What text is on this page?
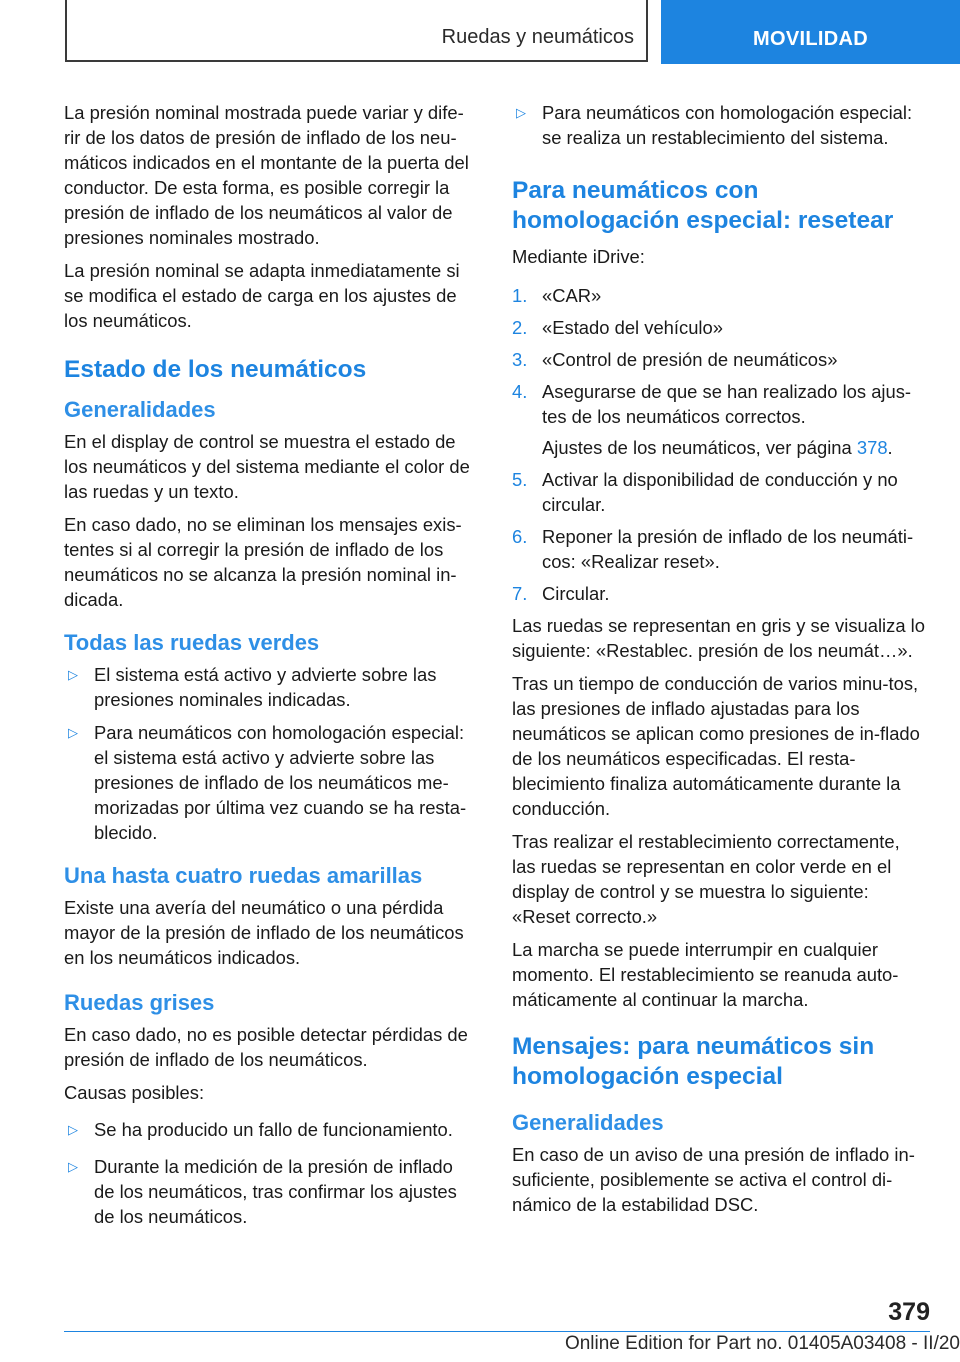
Ruedas y neumáticos	MOVILIDAD

La presión nominal mostrada puede variar y dife-rir de los datos de presión de inflado de los neu-máticos indicados en el montante de la puerta del conductor. De esta forma, es posible corregir la presión de inflado de los neumáticos al valor de presiones nominales mostrado.

La presión nominal se adapta inmediatamente si se modifica el estado de carga en los ajustes de los neumáticos.

Estado de los neumáticos
Generalidades

En el display de control se muestra el estado de los neumáticos y del sistema mediante el color de las ruedas y un texto.

En caso dado, no se eliminan los mensajes exis-tentes si al corregir la presión de inflado de los neumáticos no se alcanza la presión nominal in-dicada.

Todas las ruedas verdes
▷ El sistema está activo y advierte sobre las presiones nominales indicadas.
▷ Para neumáticos con homologación especial: el sistema está activo y advierte sobre las presiones de inflado de los neumáticos me-morizadas por última vez cuando se ha resta-blecido.
Una hasta cuatro ruedas amarillas

Existe una avería del neumático o una pérdida mayor de la presión de inflado de los neumáticos en los neumáticos indicados.

Ruedas grises

En caso dado, no es posible detectar pérdidas de presión de inflado de los neumáticos.

Causas posibles:

▷ Se ha producido un fallo de funcionamiento.
▷ Durante la medición de la presión de inflado de los neumáticos, tras confirmar los ajustes de los neumáticos.
▷ Para neumáticos con homologación especial: se realiza un restablecimiento del sistema.
Para neumáticos con homologación especial: resetear

Mediante iDrive:

1. «CAR»
2. «Estado del vehículo»
3. «Control de presión de neumáticos»
4. Asegurarse de que se han realizado los ajus-tes de los neumáticos correctos.
Ajustes de los neumáticos, ver página 378.
5. Activar la disponibilidad de conducción y no circular.
6. Reponer la presión de inflado de los neumáti-cos: «Realizar reset».
7. Circular.

Las ruedas se representan en gris y se visualiza lo siguiente: «Restablec. presión de los neumát…».

Tras un tiempo de conducción de varios minu-tos, las presiones de inflado ajustadas para los neumáticos se aplican como presiones de in-flado de los neumáticos especificadas. El resta-blecimiento finaliza automáticamente durante la conducción.

Tras realizar el restablecimiento correctamente, las ruedas se representan en color verde en el display de control y se muestra lo siguiente: «Reset correcto.»

La marcha se puede interrumpir en cualquier momento. El restablecimiento se reanuda auto-máticamente al continuar la marcha.

Mensajes: para neumáticos sin homologación especial
Generalidades

En caso de un aviso de una presión de inflado in-suficiente, posiblemente se activa el control di-námico de la estabilidad DSC.

379
Online Edition for Part no. 01405A03408 - II/20
